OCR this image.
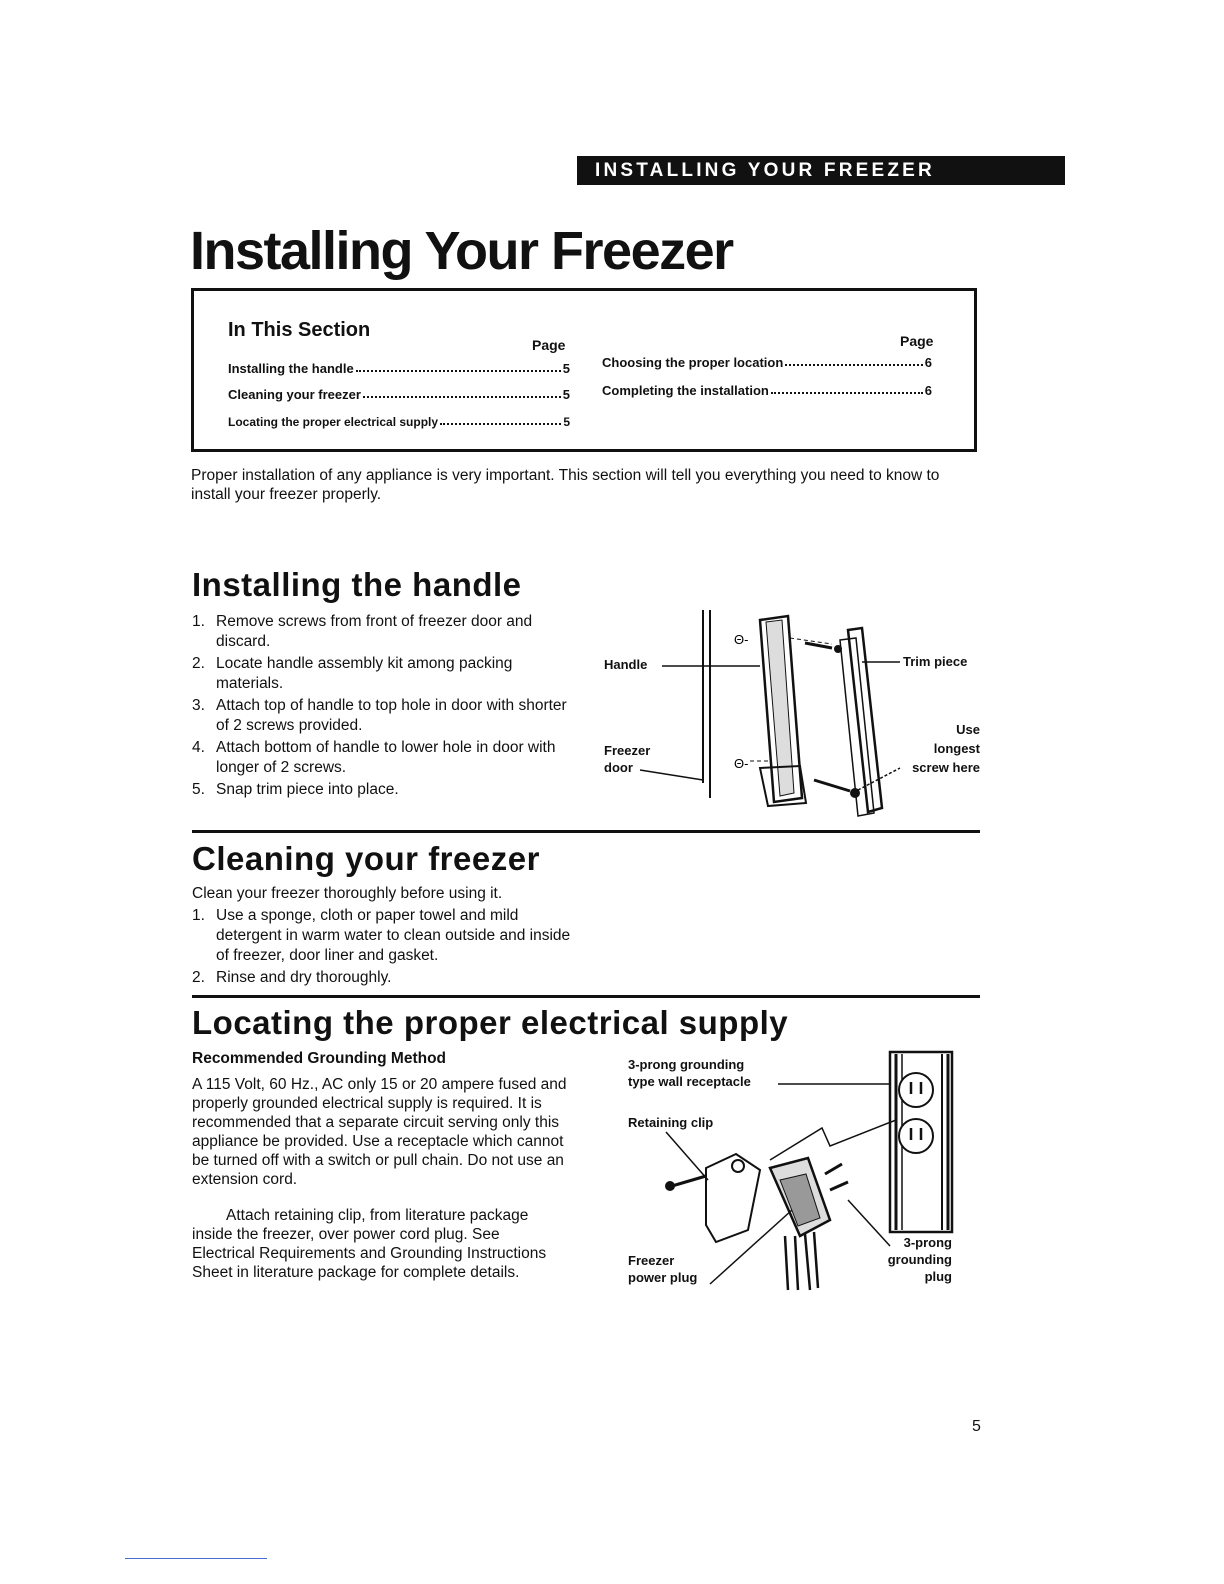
INSTALLING YOUR FREEZER
Installing Your Freezer
In This Section
Page	Page
Installing the handle	5
Cleaning your freezer	5
Locating the proper electrical supply	5
Choosing the proper location	6
Completing the installation	6
Proper installation of any appliance is very important. This section will tell you everything you need to know to install your freezer properly.
Installing the handle
1. Remove screws from front of freezer door and discard.
2. Locate handle assembly kit among packing materials.
3. Attach top of handle to top hole in door with shorter of 2 screws provided.
4. Attach bottom of handle to lower hole in door with longer of 2 screws.
5. Snap trim piece into place.
Θ-
Θ-
Handle	Trim piece
Freezer
door
Use
longest
screw here
Cleaning your freezer
Clean your freezer thoroughly before using it.
1. Use a sponge, cloth or paper towel and mild detergent in warm water to clean outside and inside of freezer, door liner and gasket.
2. Rinse and dry thoroughly.
Locating the proper electrical supply
Recommended Grounding Method
A 115 Volt, 60 Hz., AC only 15 or 20 ampere fused and properly grounded electrical supply is required. It is recommended that a separate circuit serving only this appliance be provided. Use a receptacle which cannot be turned off with a switch or pull chain. Do not use an extension cord.
Attach retaining clip, from literature package inside the freezer, over power cord plug. See Electrical Requirements and Grounding Instructions Sheet in literature package for complete details.
3-prong grounding
type wall receptacle
Retaining clip
Freezer
power plug
3-prong
grounding
plug
5
